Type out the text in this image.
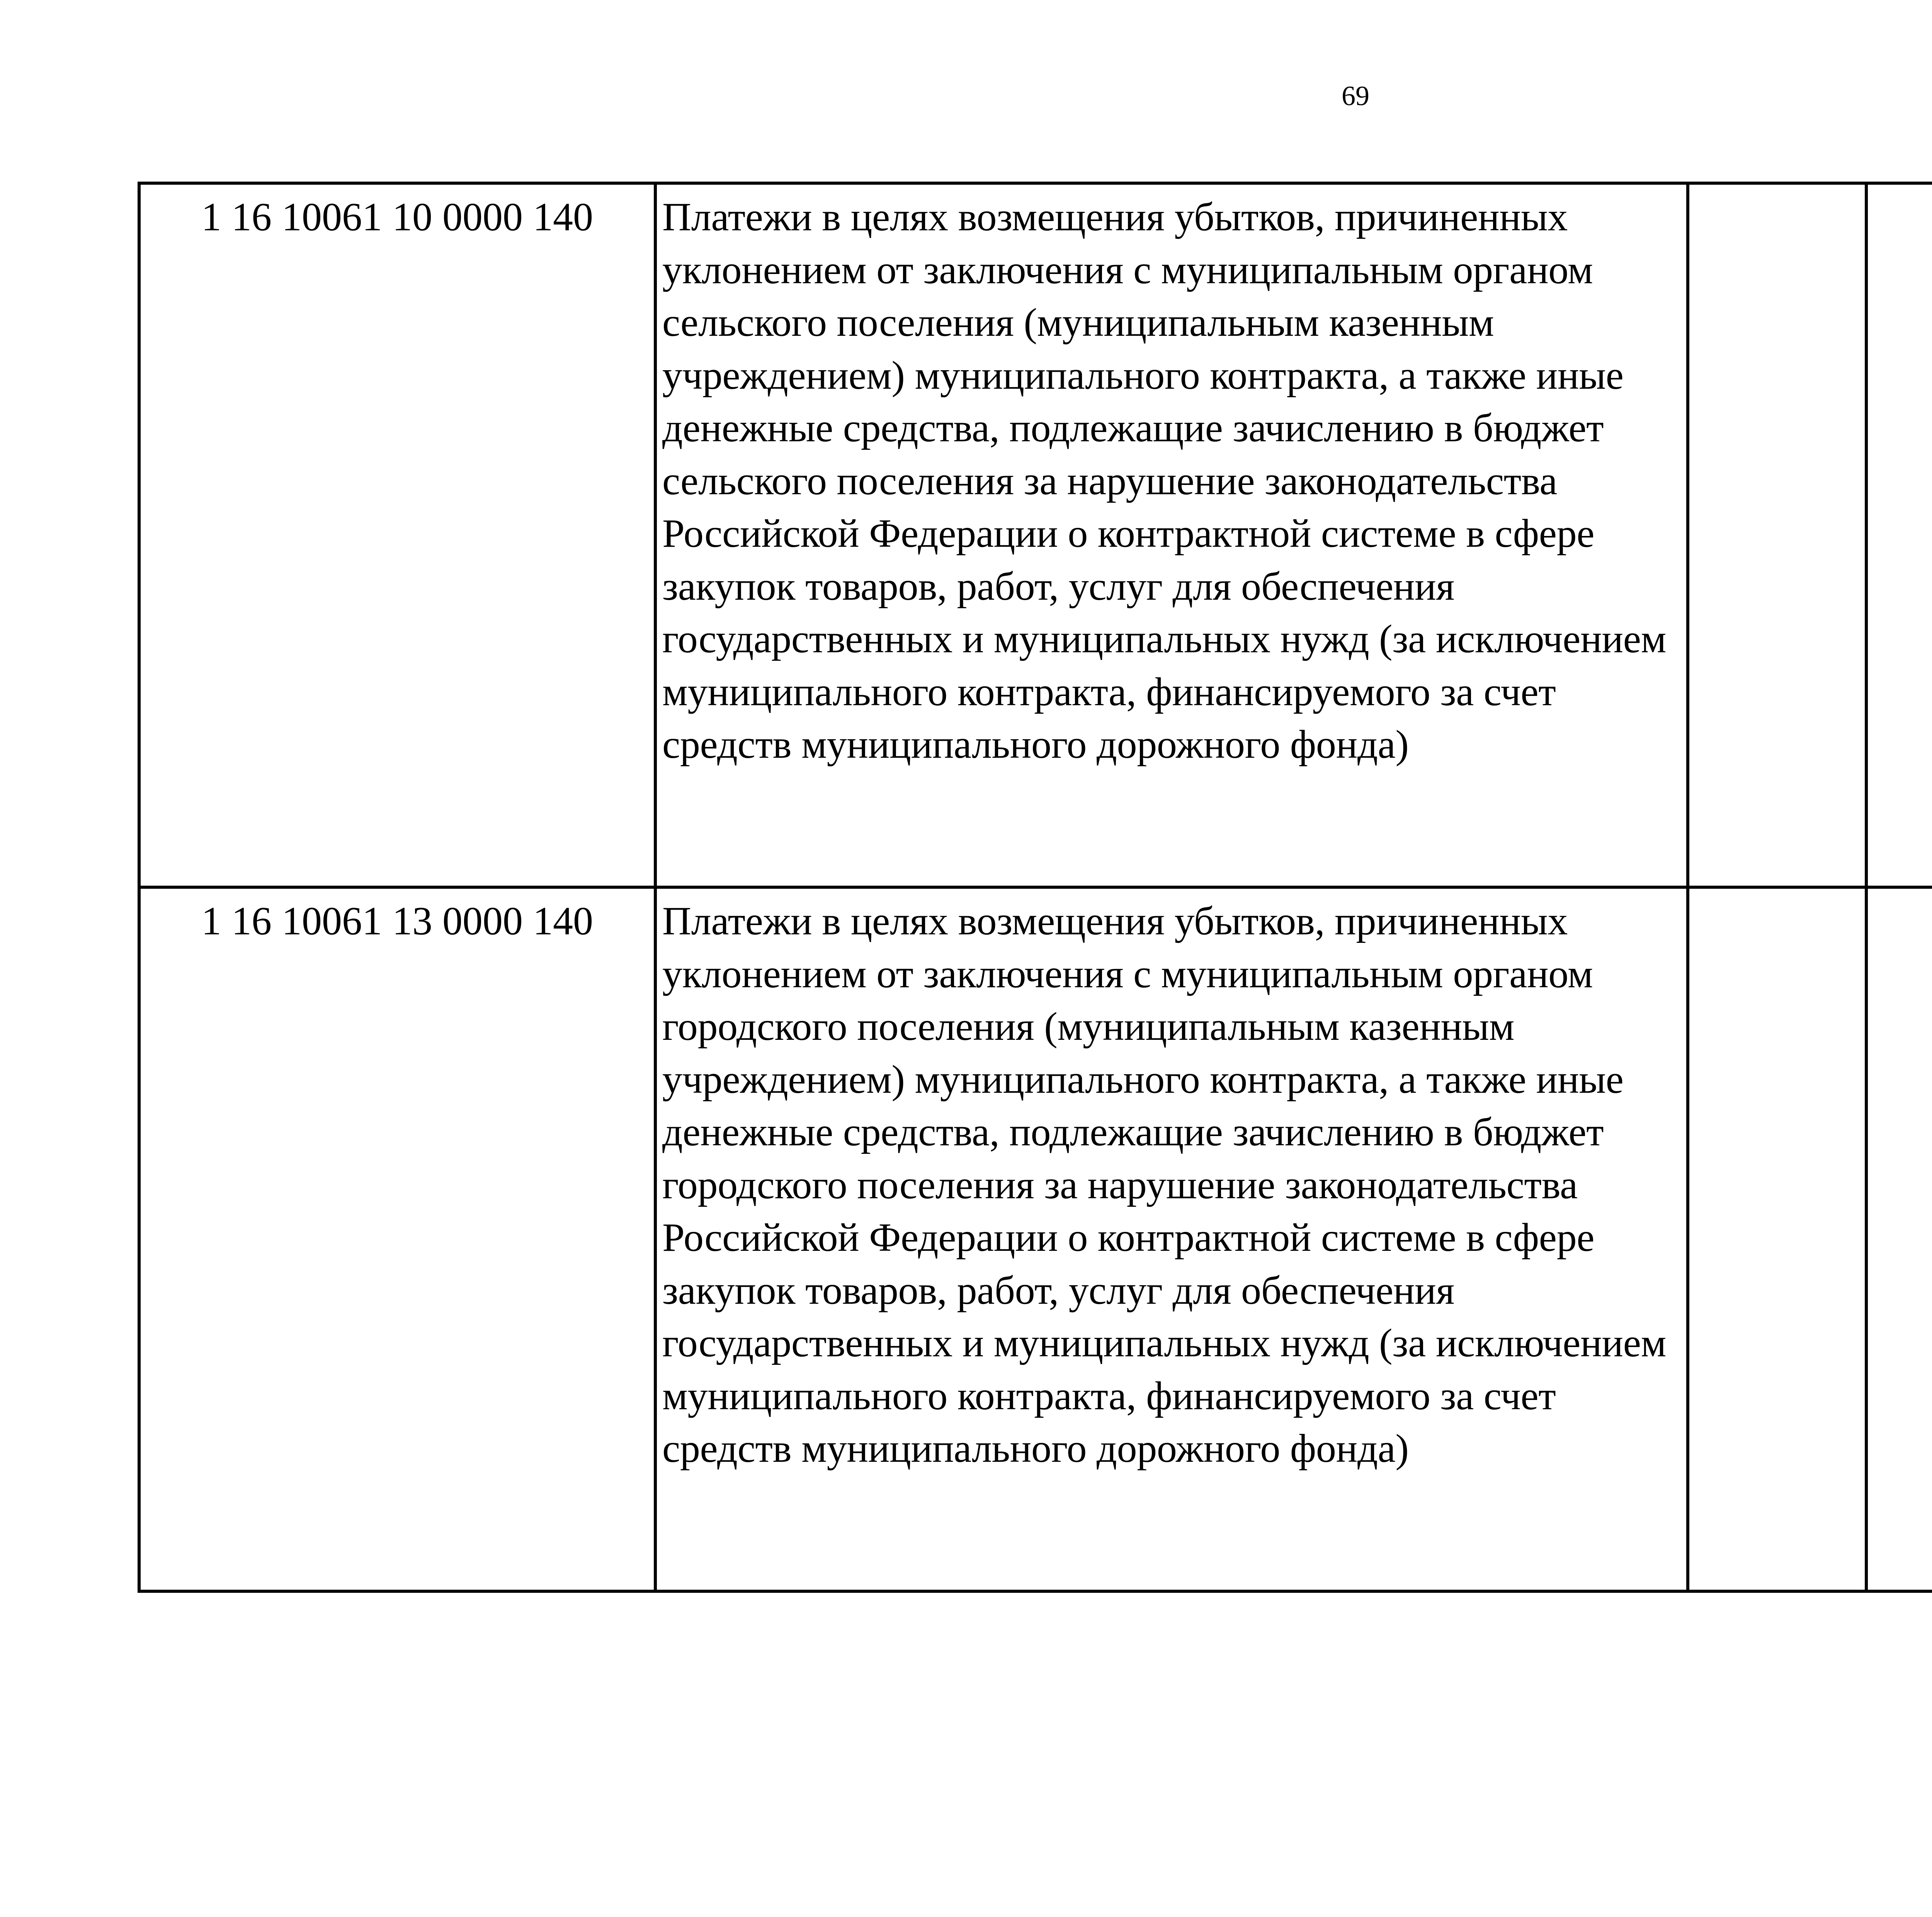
69
1 16 10061 10 0000 140	Платежи в целях возмещения убытков, причиненных уклонением от заключения с муниципальным органом сельского поселения (муниципальным казенным учреждением) муниципального контракта, а также иные денежные средства, подлежащие зачислению в бюджет сельского поселения за нарушение законодательства Российской Федерации о контрактной системе в сфере закупок товаров, работ, услуг для обеспечения государственных и муниципальных нужд (за исключением муниципального контракта, финансируемого за счет средств муниципального дорожного фонда)					
1 16 10061 13 0000 140	Платежи в целях возмещения убытков, причиненных уклонением от заключения с муниципальным органом городского поселения (муниципальным казенным учреждением) муниципального контракта, а также иные денежные средства, подлежащие зачислению в бюджет городского поселения за нарушение законодательства Российской Федерации о контрактной системе в сфере закупок товаров, работ, услуг для обеспечения государственных и муниципальных нужд (за исключением муниципального контракта, финансируемого за счет средств муниципального дорожного фонда)					
